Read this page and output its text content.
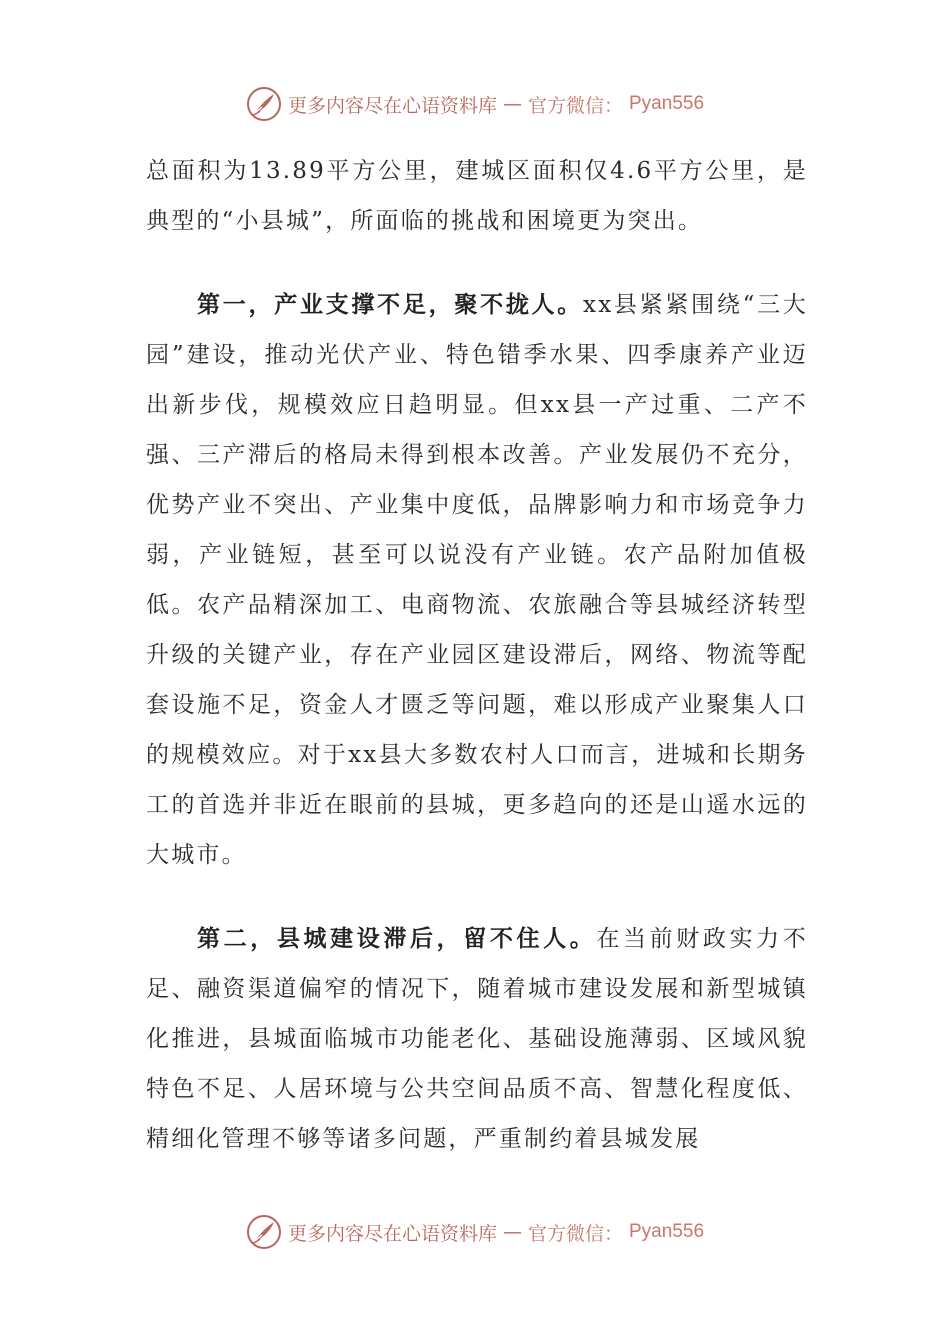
更多内容尽在心语资料库 — 官方微信： Pyan556

总面积为13.89平方公里，建城区面积仅4.6平方公里，是典型的“小县城”，所面临的挑战和困境更为突出。

第一，产业支撑不足，聚不拢人。xx县紧紧围绕“三大园”建设，推动光伏产业、特色错季水果、四季康养产业迈出新步伐，规模效应日趋明显。但xx县一产过重、二产不强、三产滞后的格局未得到根本改善。产业发展仍不充分，优势产业不突出、产业集中度低，品牌影响力和市场竞争力弱，产业链短，甚至可以说没有产业链。农产品附加值极低。农产品精深加工、电商物流、农旅融合等县城经济转型升级的关键产业，存在产业园区建设滞后，网络、物流等配套设施不足，资金人才匮乏等问题，难以形成产业聚集人口的规模效应。对于xx县大多数农村人口而言，进城和长期务工的首选并非近在眼前的县城，更多趋向的还是山遥水远的大城市。

第二，县城建设滞后，留不住人。在当前财政实力不足、融资渠道偏窄的情况下，随着城市建设发展和新型城镇化推进，县城面临城市功能老化、基础设施薄弱、区域风貌特色不足、人居环境与公共空间品质不高、智慧化程度低、精细化管理不够等诸多问题，严重制约着县城发展

更多内容尽在心语资料库 — 官方微信： Pyan556
